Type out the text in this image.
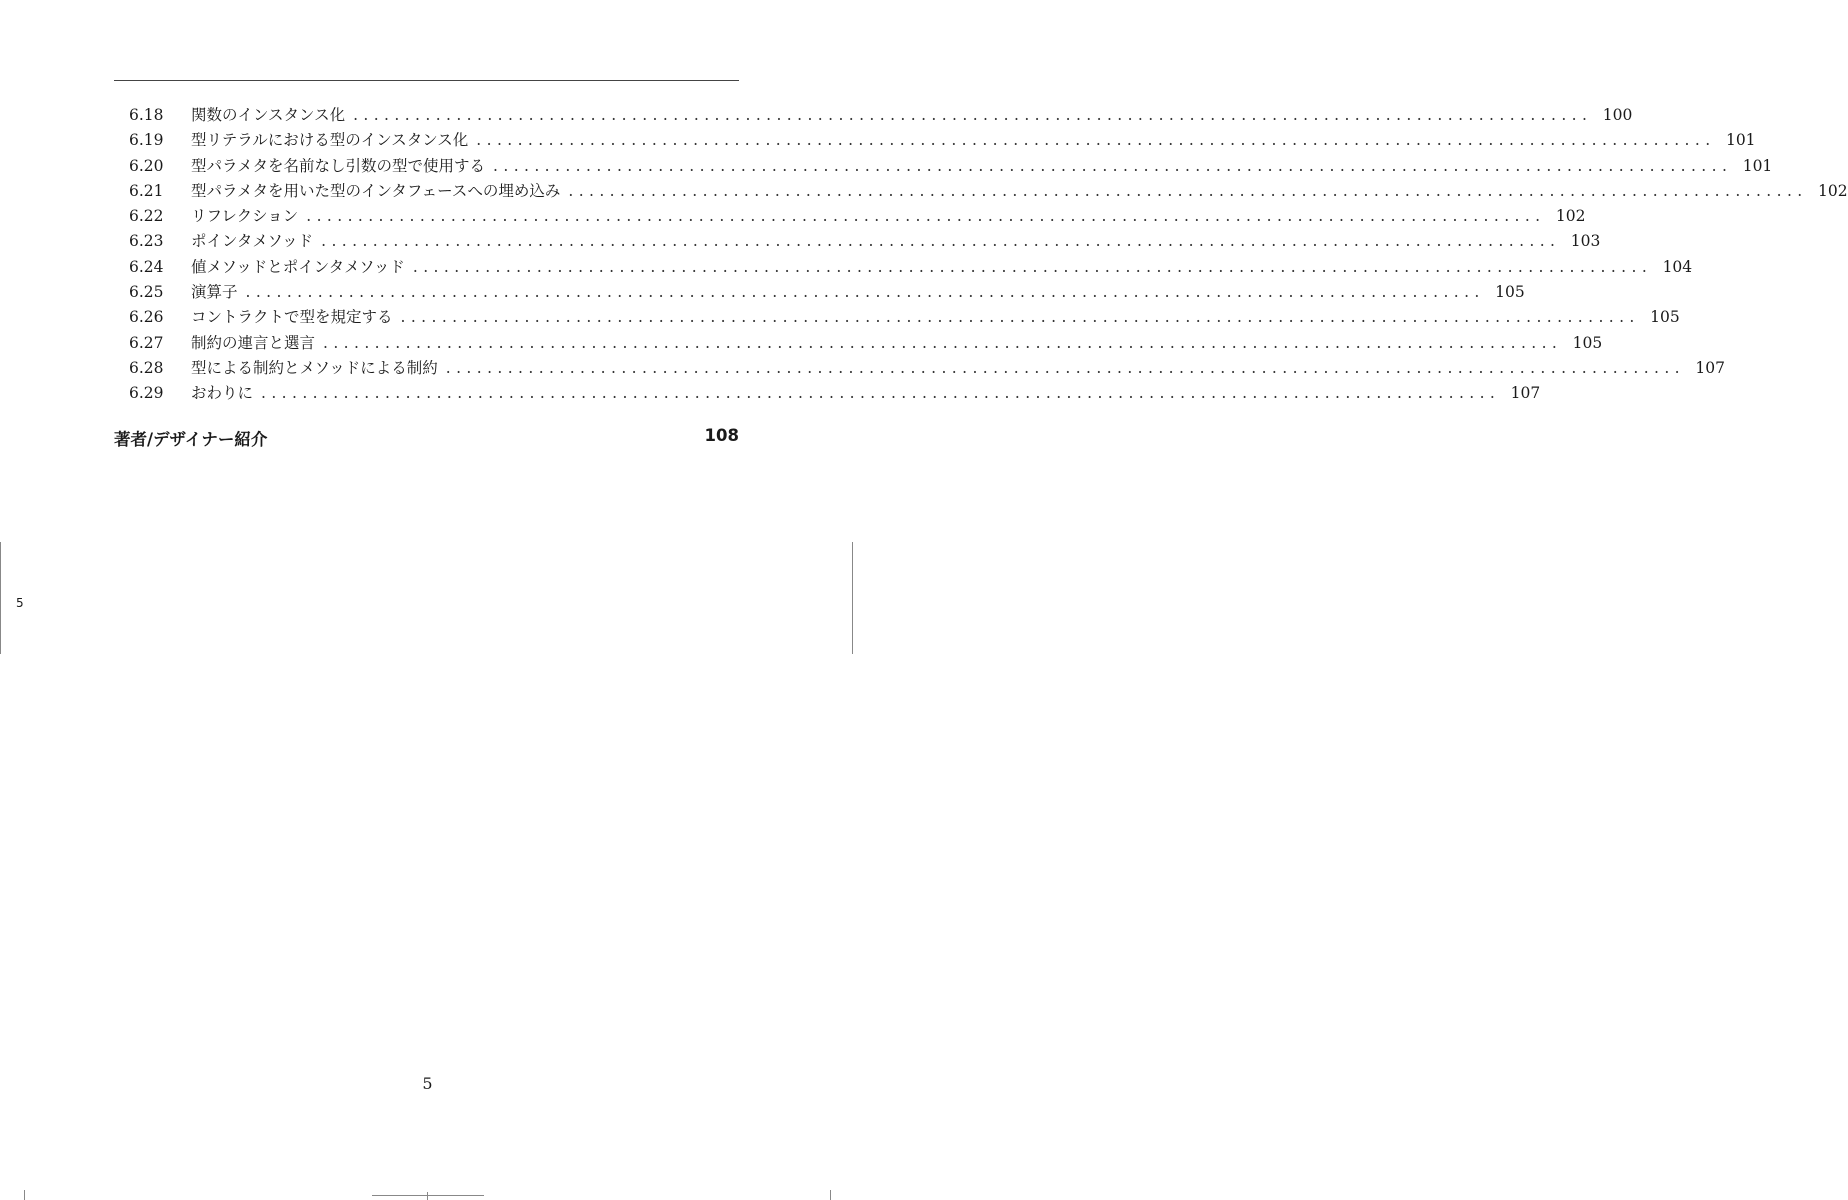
6.18	関数のインスタンス化 ........................................................................................................................ 100
6.19	型リテラルにおける型のインスタンス化 ........................................................................................................................ 101
6.20	型パラメタを名前なし引数の型で使用する ........................................................................................................................ 101
6.21	型パラメタを用いた型のインタフェースへの埋め込み ........................................................................................................................ 102
6.22	リフレクション ........................................................................................................................ 102
6.23	ポインタメソッド ........................................................................................................................ 103
6.24	値メソッドとポインタメソッド ........................................................................................................................ 104
6.25	演算子 ........................................................................................................................ 105
6.26	コントラクトで型を規定する ........................................................................................................................ 105
6.27	制約の連言と選言 ........................................................................................................................ 105
6.28	型による制約とメソッドによる制約 ........................................................................................................................ 107
6.29	おわりに ........................................................................................................................ 107
著者/デザイナー紹介	108
5
5
